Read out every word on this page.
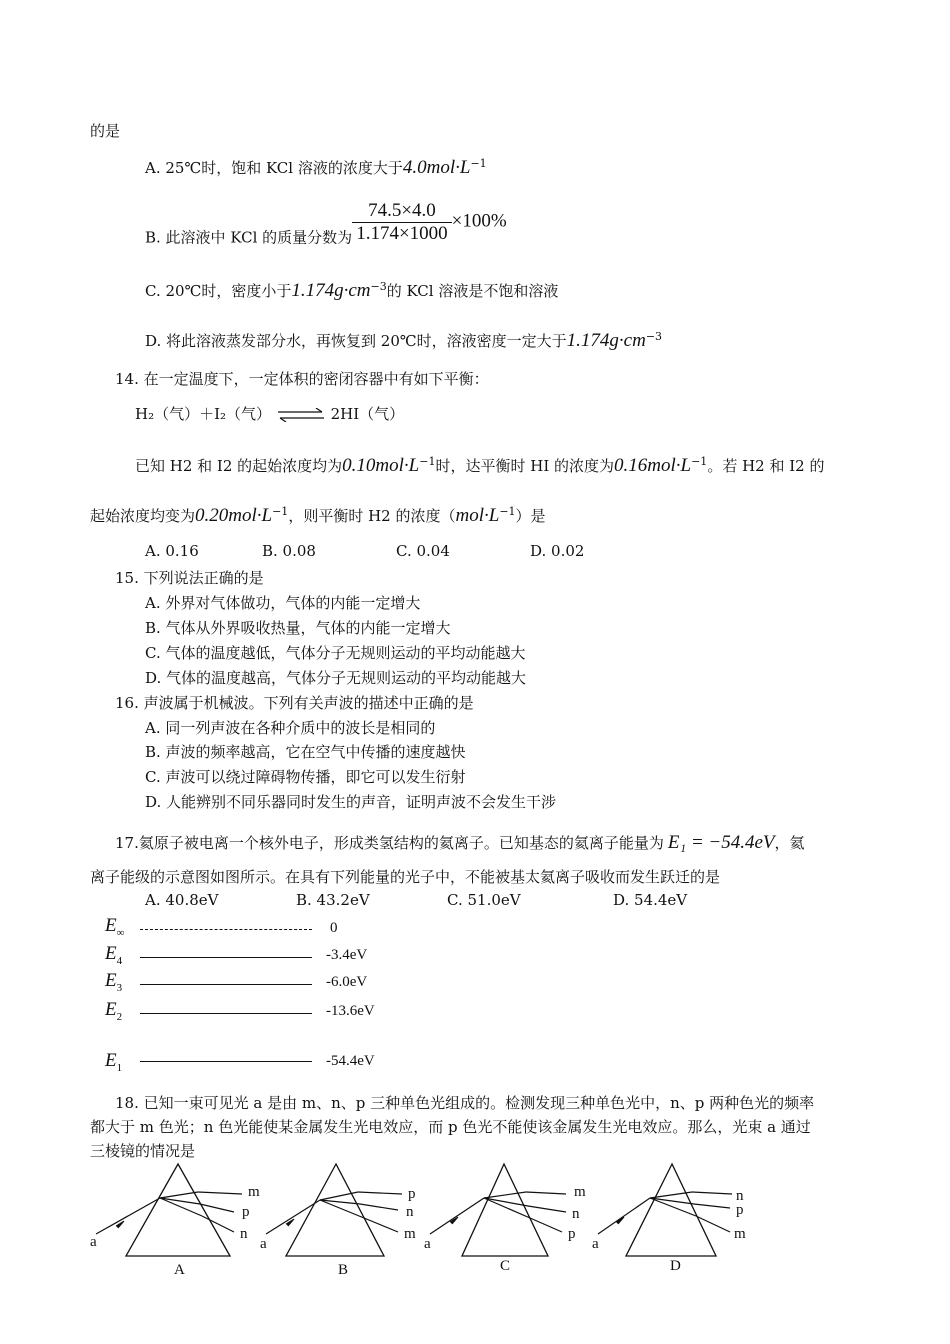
的是
A. 25℃时，饱和 KCl 溶液的浓度大于$4.0mol\cdot L^{-1}$
B. 此溶液中 KCl 的质量分数为 $\frac{74.5\times 4.0}{1.174\times 1000} \times 100\%$
C. 20℃时，密度小于$1.174g\cdot cm^{-3}$的 KCl 溶液是不饱和溶液
D. 将此溶液蒸发部分水，再恢复到 20℃时，溶液密度一定大于$1.174g\cdot cm^{-3}$
14. 在一定温度下，一定体积的密闭容器中有如下平衡：
H₂（气）＋I₂（气） ⇌ 2HI（气）
已知 H2 和 I2 的起始浓度均为$0.10mol\cdot L^{-1}$时，达平衡时 HI 的浓度为$0.16mol\cdot L^{-1}$。若 H2 和 I2 的
起始浓度均变为$0.20mol\cdot L^{-1}$，则平衡时 H2 的浓度$(mol\cdot L^{-1})$是
A. 0.16	B. 0.08	C. 0.04	D. 0.02
15. 下列说法正确的是
A. 外界对气体做功，气体的内能一定增大
B. 气体从外界吸收热量，气体的内能一定增大
C. 气体的温度越低，气体分子无规则运动的平均动能越大
D. 气体的温度越高，气体分子无规则运动的平均动能越大
16. 声波属于机械波。下列有关声波的描述中正确的是
A. 同一列声波在各种介质中的波长是相同的
B. 声波的频率越高，它在空气中传播的速度越快
C. 声波可以绕过障碍物传播，即它可以发生衍射
D. 人能辨别不同乐器同时发生的声音，证明声波不会发生干涉
17.氦原子被电离一个核外电子，形成类氢结构的氦离子。已知基态的氦离子能量为 E₁ = −54.4eV，氦
离子能级的示意图如图所示。在具有下列能量的光子中，不能被基太氦离子吸收而发生跃迁的是
A. 40.8eV	B. 43.2eV	C. 51.0eV	D. 54.4eV
$E_\infty$	0
$E_4$	-3.4eV
$E_3$	-6.0eV
$E_2$	-13.6eV
$E_1$	-54.4eV
18. 已知一束可见光 a 是由 m、n、p 三种单色光组成的。检测发现三种单色光中，n、p 两种色光的频率
都大于 m 色光；n 色光能使某金属发生光电效应，而 p 色光不能使该金属发生光电效应。那么，光束 a 通过
三棱镜的情况是
m
p
n
a
A
p
n
m
a
B
m
n
p
a
C
n
p
m
a
D
